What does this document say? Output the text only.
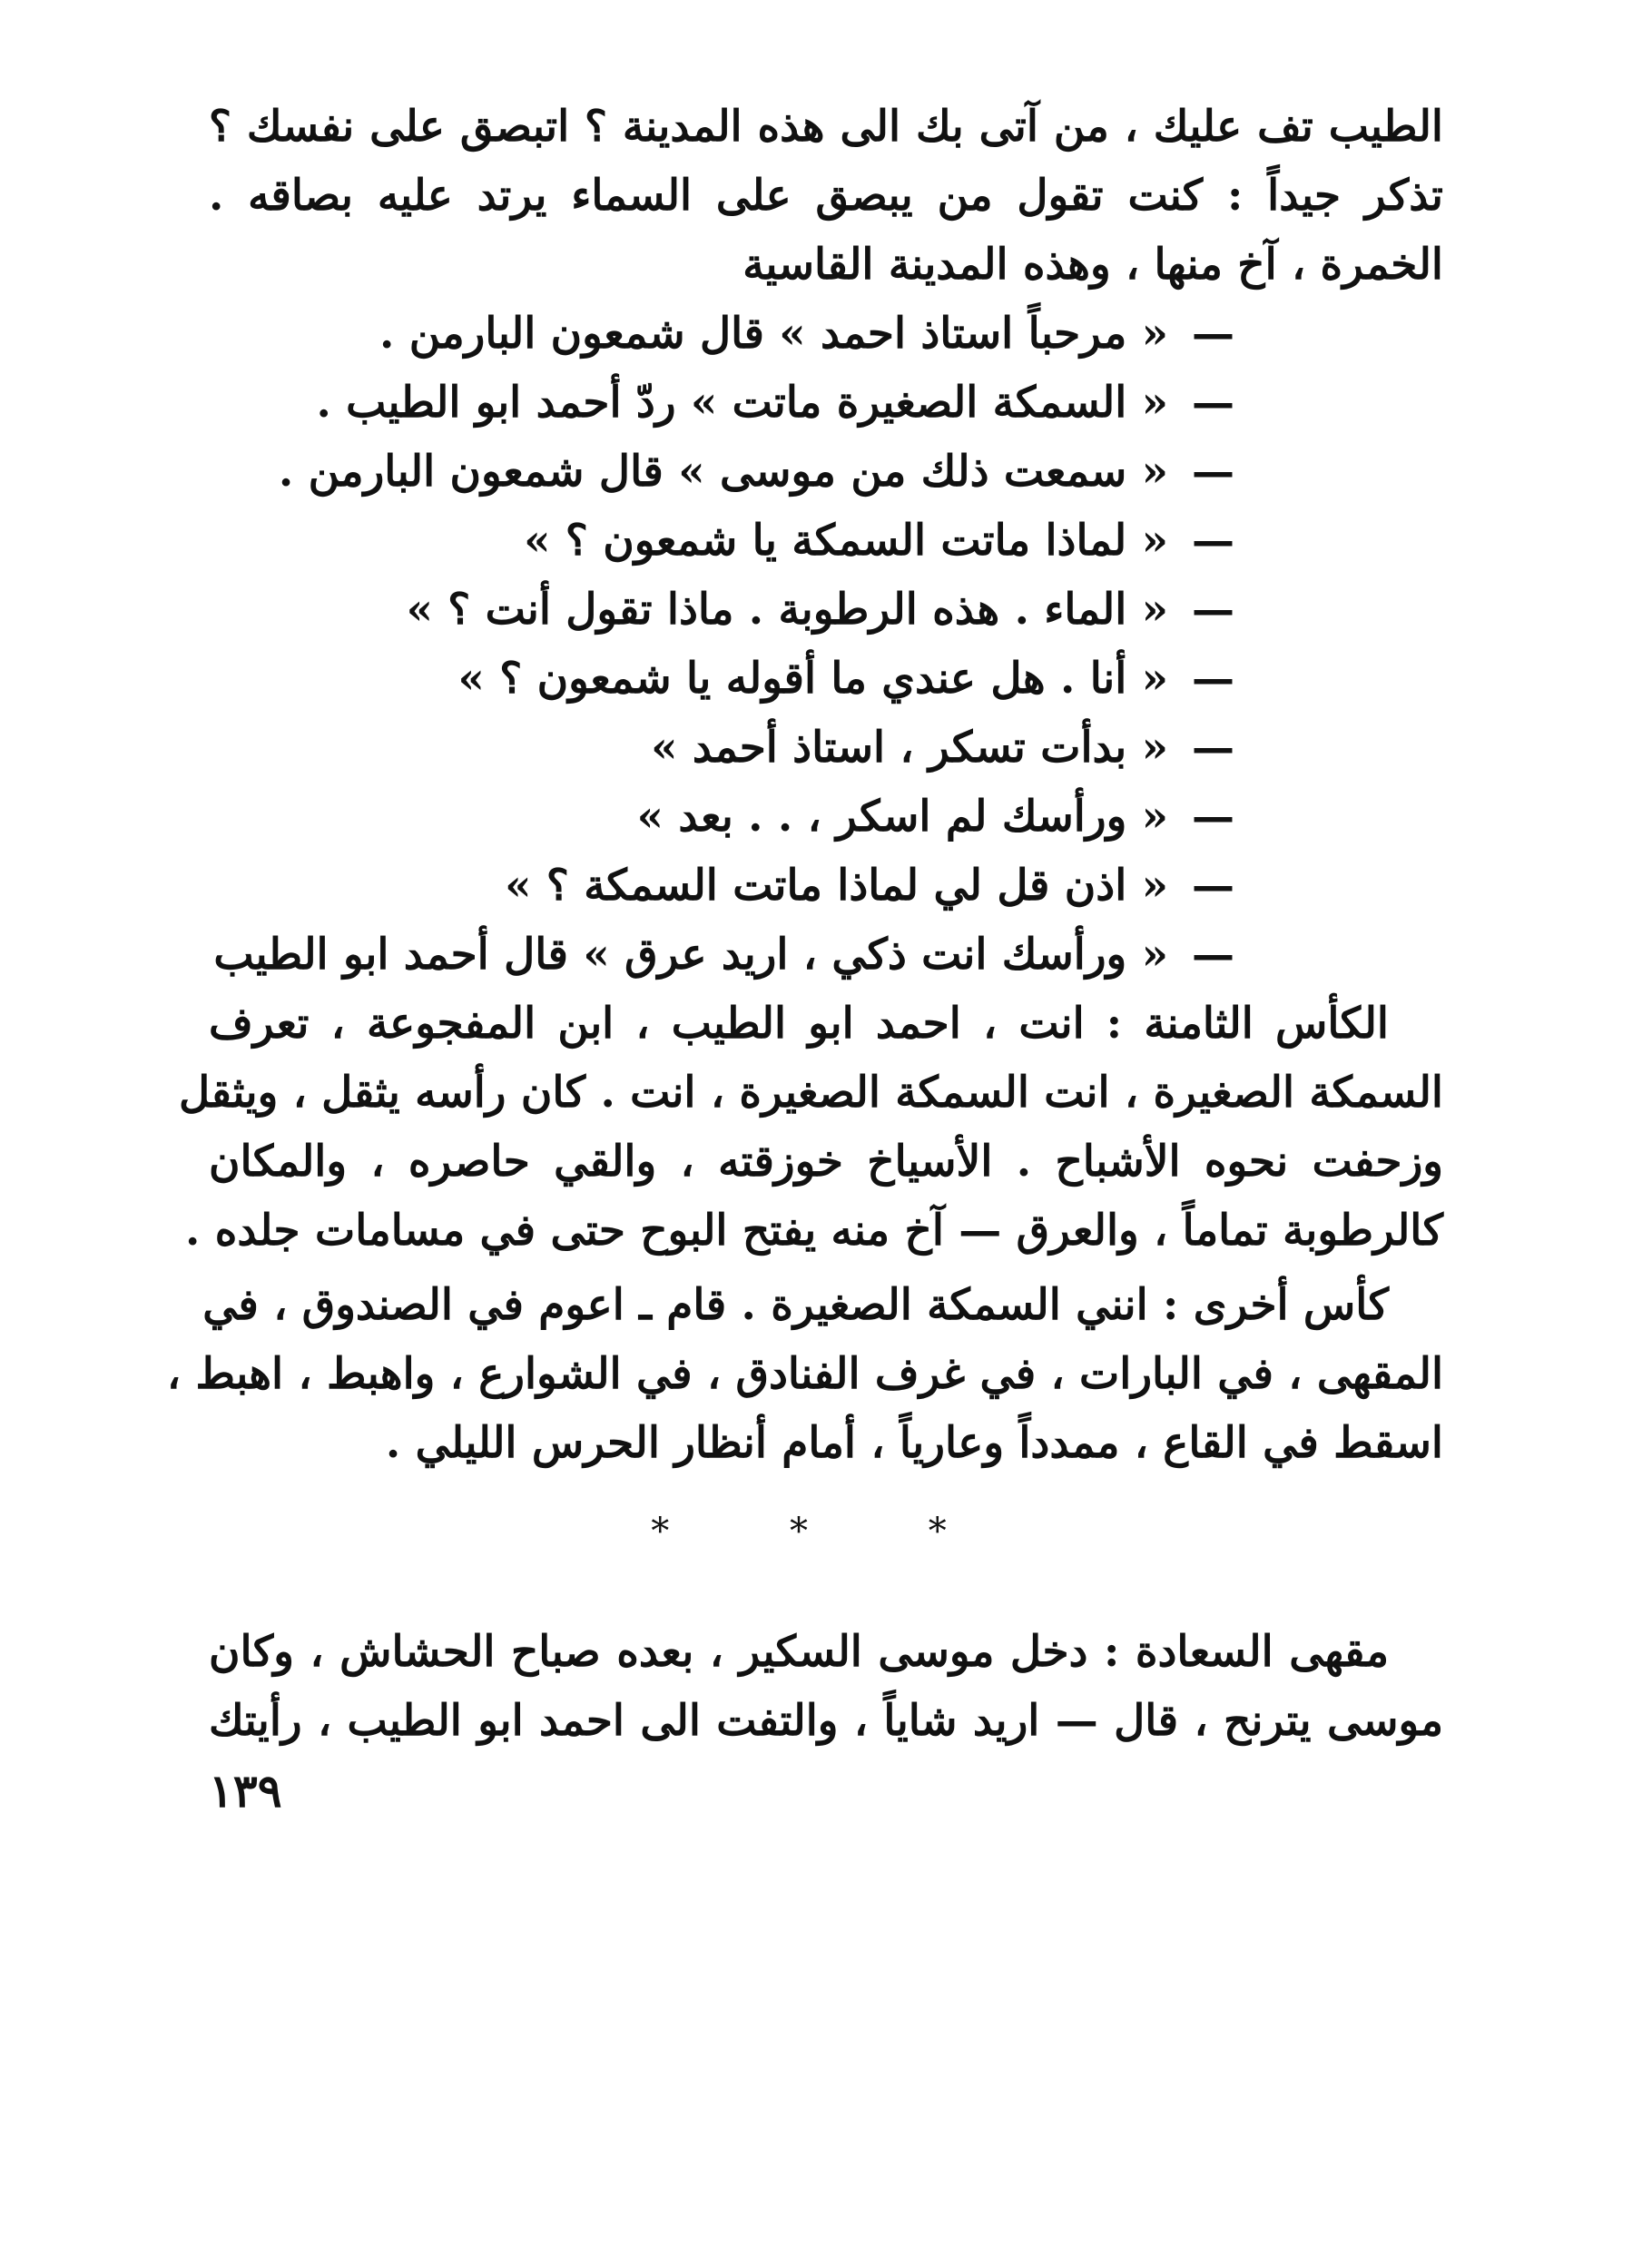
الطيب تف عليك ، من آتى بك الى هذه المدينة ؟ اتبصق على نفسك ؟
تذكر جيداً : كنت تقول من يبصق على السماء يرتد عليه بصاقه .
الخمرة ، آخ منها ، وهذه المدينة القاسية
—« مرحباً استاذ احمد » قال شمعون البارمن .
—« السمكة الصغيرة ماتت » ردّ أحمد ابو الطيب .
—« سمعت ذلك من موسى » قال شمعون البارمن .
—« لماذا ماتت السمكة يا شمعون ؟ »
—« الماء . هذه الرطوبة . ماذا تقول أنت ؟ »
—« أنا . هل عندي ما أقوله يا شمعون ؟ »
—« بدأت تسكر ، استاذ أحمد »
—« ورأسك لم اسكر ، . . بعد »
—« اذن قل لي لماذا ماتت السمكة ؟ »
—« ورأسك انت ذكي ، اريد عرق » قال أحمد ابو الطيب
الكأس الثامنة : انت ، احمد ابو الطيب ، ابن المفجوعة ، تعرف
السمكة الصغيرة ، انت السمكة الصغيرة ، انت . كان رأسه يثقل ، ويثقل
وزحفت نحوه الأشباح . الأسياخ خوزقته ، والقي حاصره ، والمكان
كالرطوبة تماماً ، والعرق — آخ منه يفتح البوح حتى في مسامات جلده .
كأس أخرى : انني السمكة الصغيرة . قام ـ اعوم في الصندوق ، في
المقهى ، في البارات ، في غرف الفنادق ، في الشوارع ، واهبط ، اهبط ،
اسقط في القاع ، ممدداً وعارياً ، أمام أنظار الحرس الليلي .
* * *
مقهى السعادة : دخل موسى السكير ، بعده صباح الحشاش ، وكان
موسى يترنح ، قال — اريد شاياً ، والتفت الى احمد ابو الطيب ، رأيتك
١٣٩
